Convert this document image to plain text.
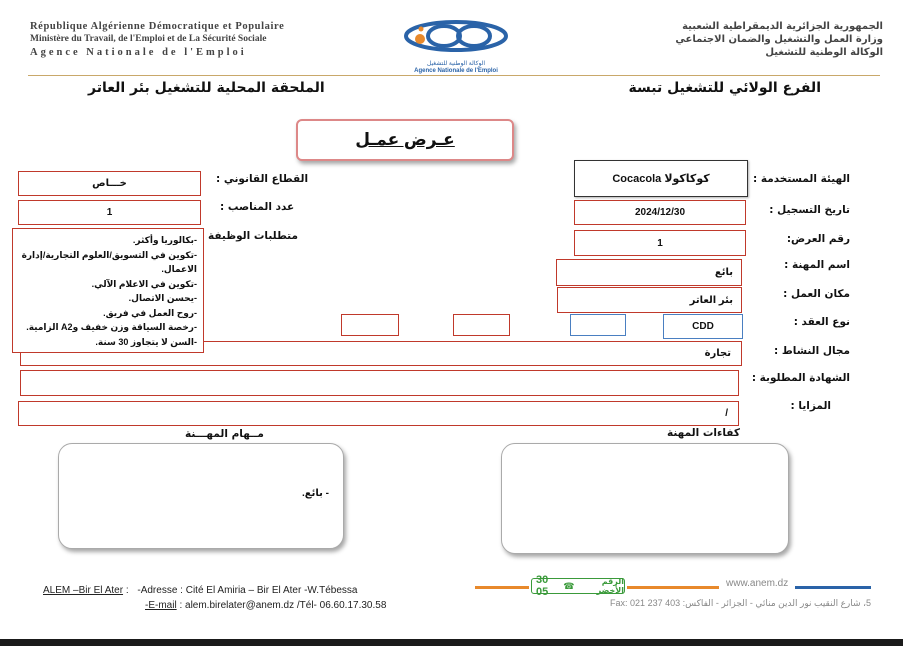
République Algérienne Démocratique et Populaire
Ministère du Travail, de l'Emploi et de La Sécurité Sociale
Agence Nationale de l'Emploi
الجمهورية الجزائرية الديمقراطية الشعبية
وزارة العمل والتشغيل والضمان الاجتماعي
الوكالة الوطنية للتشغيل
الوكالة الوطنية للتشغيل
Agence Nationale de l'Emploi
الفرع الولائي للتشغيل تبسة
الملحقة المحلية للتشغيل بئر العاتر
عـرض عمـل
الهيئة المستخدمة :
تاريخ التسجيل :
رقم العرض:
اسم المهنة :
مكان العمل :
نوع العقد :
مجال النشاط :
الشهادة المطلوبة :
المزايا :
كوكاكولا Cocacola
2024/12/30
1
بائع
بئر العاتر
CDD
تجارة
/
القطاع القانوني :
عدد المناصب :
متطلبات الوظيفة
خـــاص
1
-بكالوريا وأكثر.
-تكوين في التسويق/العلوم التجارية/إدارة الاعمال.
-تكوين في الاعلام الآلي.
-يحسن الاتصال.
-روح العمل في فريق.
-رخصة السياقة وزن خفيف وA2 الزامية.
-السن لا يتجاوز 30 سنة.
كفاءات المهنة
مــهام المهـــنة
- بائع.
ALEM –Bir El Ater : -Adresse : Cité El Amiria – Bir El Ater -W.Tébessa
-E-mail : alem.birelater@anem.dz /Tél- 06.60.17.30.58
30 05
☎	الرقم الأخضر
www.anem.dz
5، شارع النقيب نور الدين منائي - الجزائر - الفاكس: Fax: 021 237 403
